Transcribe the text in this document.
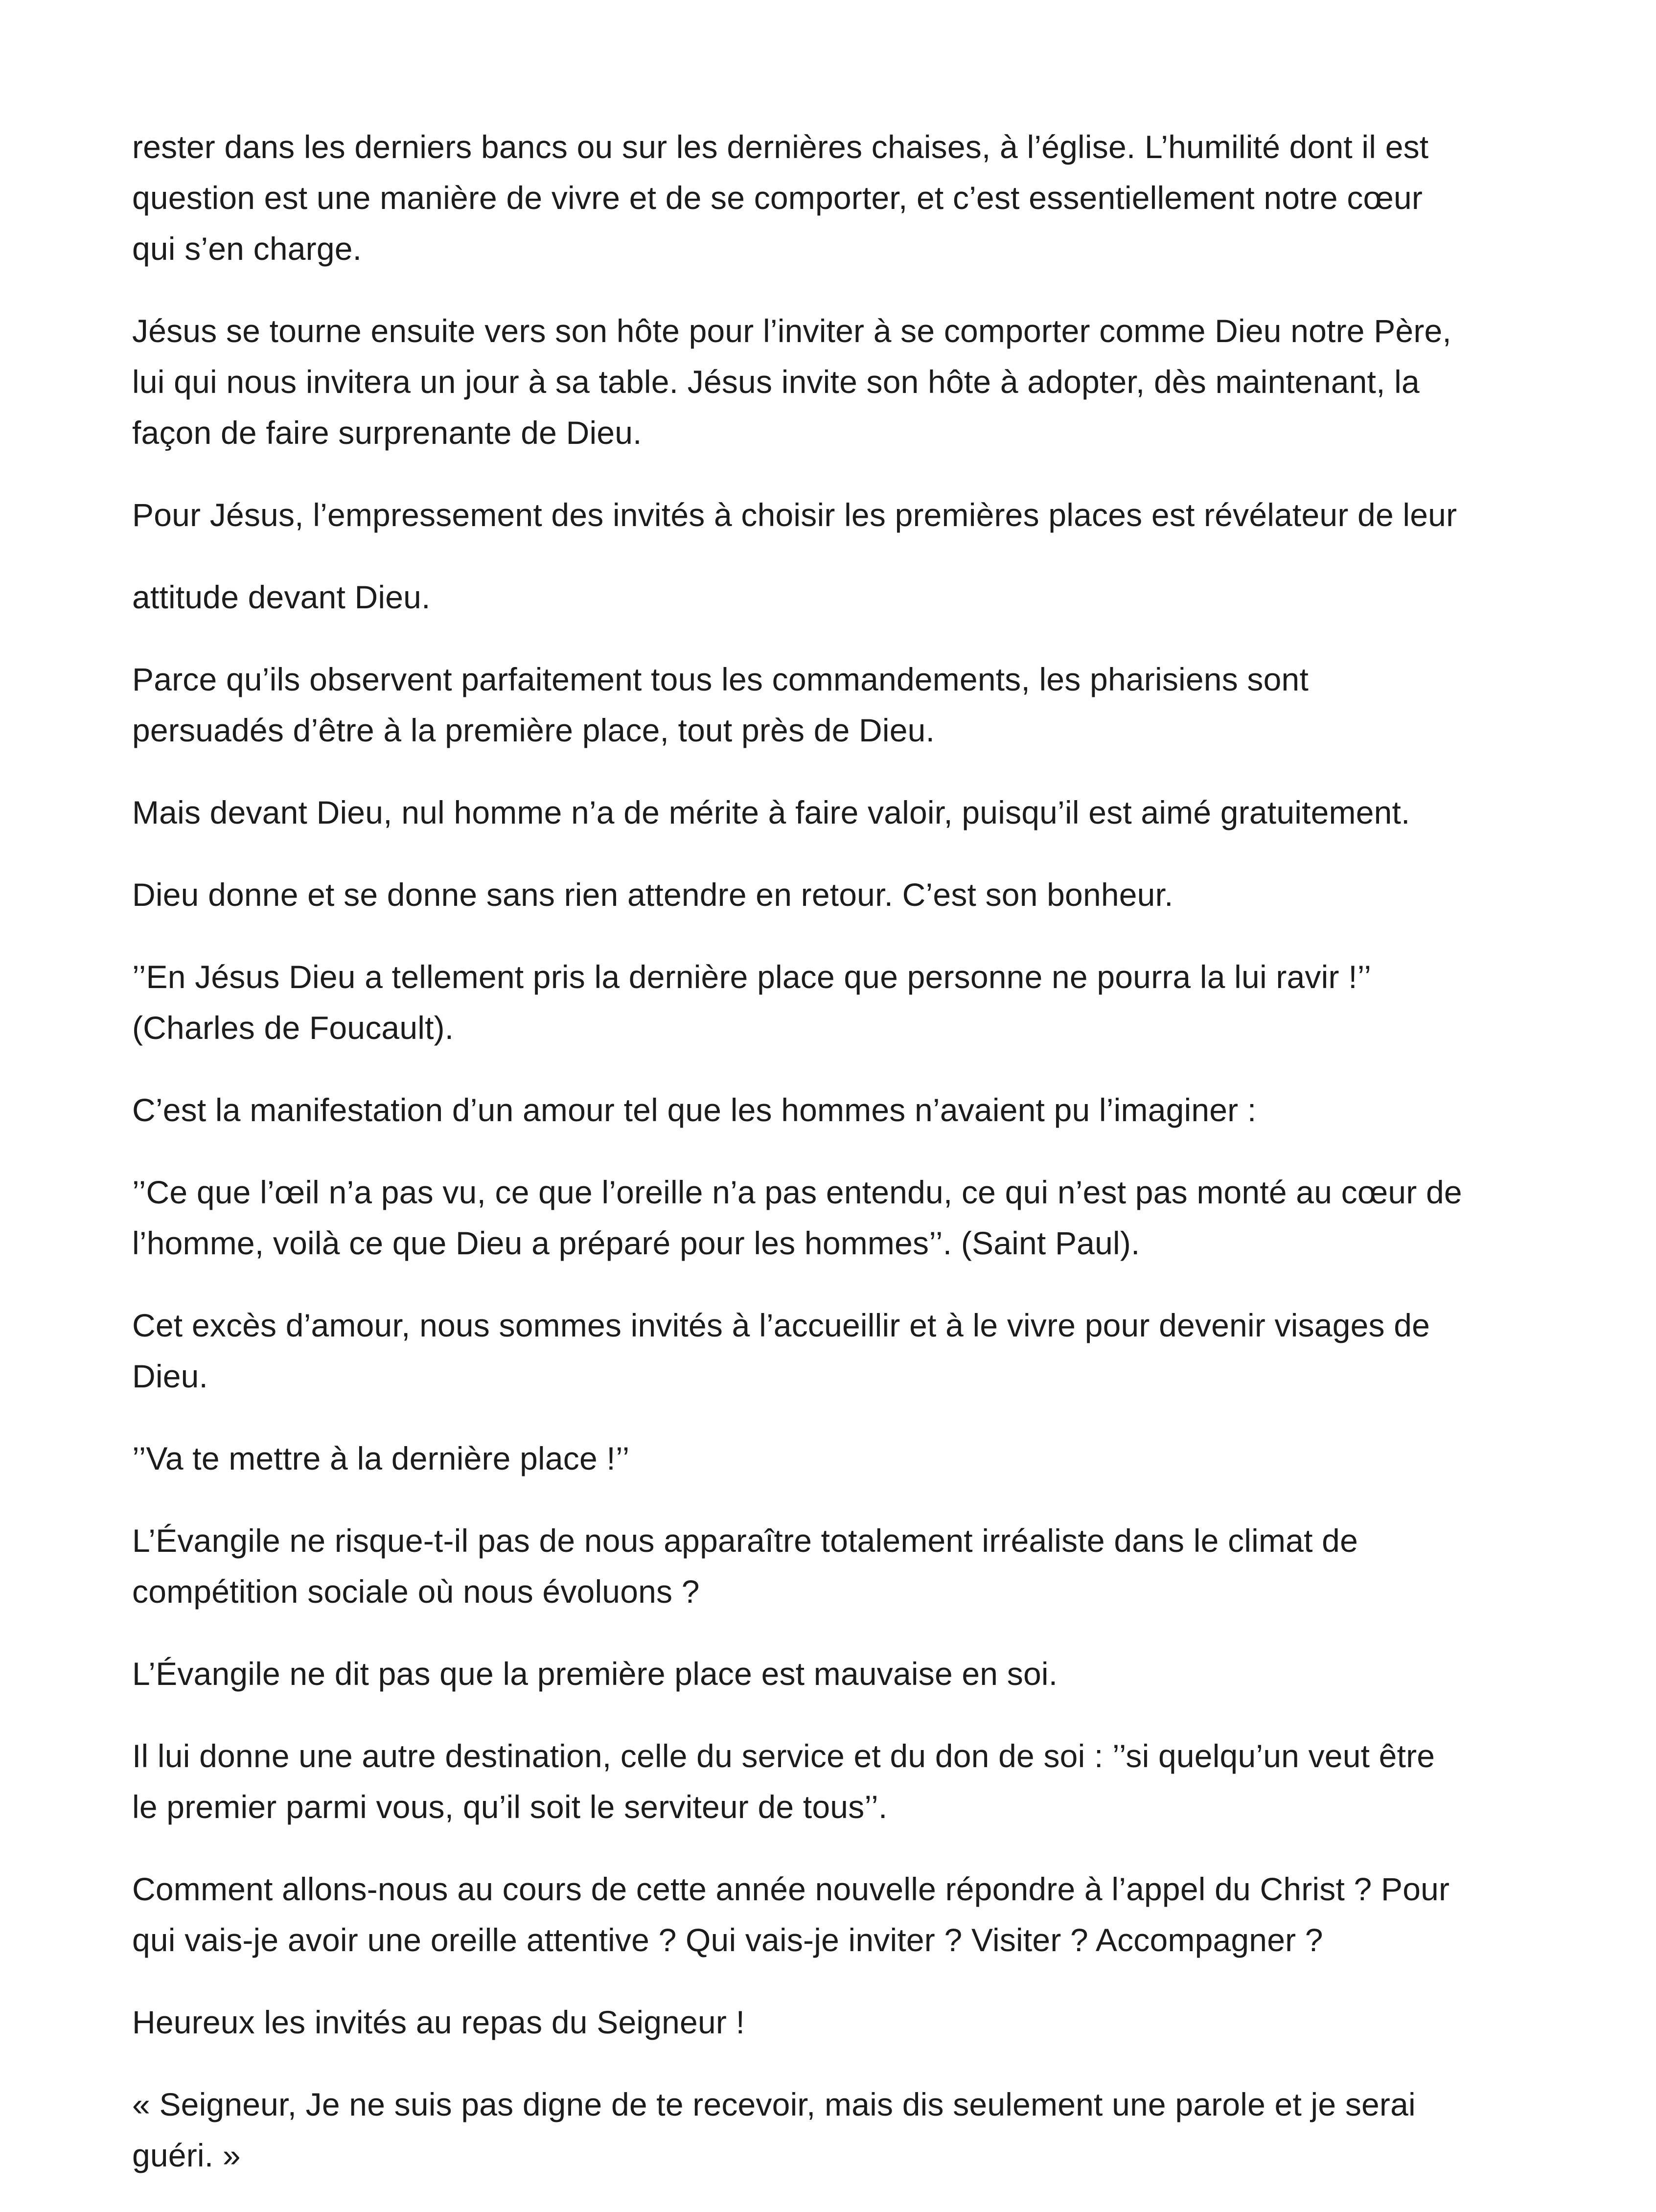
rester dans les derniers bancs ou sur les dernières chaises, à l’église. L’humilité dont il est
question est une manière de vivre et de se comporter, et c’est essentiellement notre cœur
qui s’en charge.

Jésus se tourne ensuite vers son hôte pour l’inviter à se comporter comme Dieu notre Père,
lui qui nous invitera un jour à sa table. Jésus invite son hôte à adopter, dès maintenant, la
façon de faire surprenante de Dieu.

Pour Jésus, l’empressement des invités à choisir les premières places est révélateur de leur

attitude devant Dieu.

Parce qu’ils observent parfaitement tous les commandements, les pharisiens sont
persuadés d’être à la première place, tout près de Dieu.

Mais devant Dieu, nul homme n’a de mérite à faire valoir, puisqu’il est aimé gratuitement.

Dieu donne et se donne sans rien attendre en retour. C’est son bonheur.

’’En Jésus Dieu a tellement pris la dernière place que personne ne pourra la lui ravir !’’
(Charles de Foucault).

C’est la manifestation d’un amour tel que les hommes n’avaient pu l’imaginer :

’’Ce que l’œil n’a pas vu, ce que l’oreille n’a pas entendu, ce qui n’est pas monté au cœur de
l’homme, voilà ce que Dieu a préparé pour les hommes’’. (Saint Paul).

Cet excès d’amour, nous sommes invités à l’accueillir et à le vivre pour devenir visages de
Dieu.

’’Va te mettre à la dernière place !’’

L’Évangile ne risque-t-il pas de nous apparaître totalement irréaliste dans le climat de
compétition sociale où nous évoluons ?

L’Évangile ne dit pas que la première place est mauvaise en soi.

Il lui donne une autre destination, celle du service et du don de soi : ’’si quelqu’un veut être
le premier parmi vous, qu’il soit le serviteur de tous’’.

Comment allons-nous au cours de cette année nouvelle répondre à l’appel du Christ ? Pour
qui vais-je avoir une oreille attentive ? Qui vais-je inviter ? Visiter ? Accompagner ?

Heureux les invités au repas du Seigneur !

« Seigneur, Je ne suis pas digne de te recevoir, mais dis seulement une parole et je serai
guéri. »
